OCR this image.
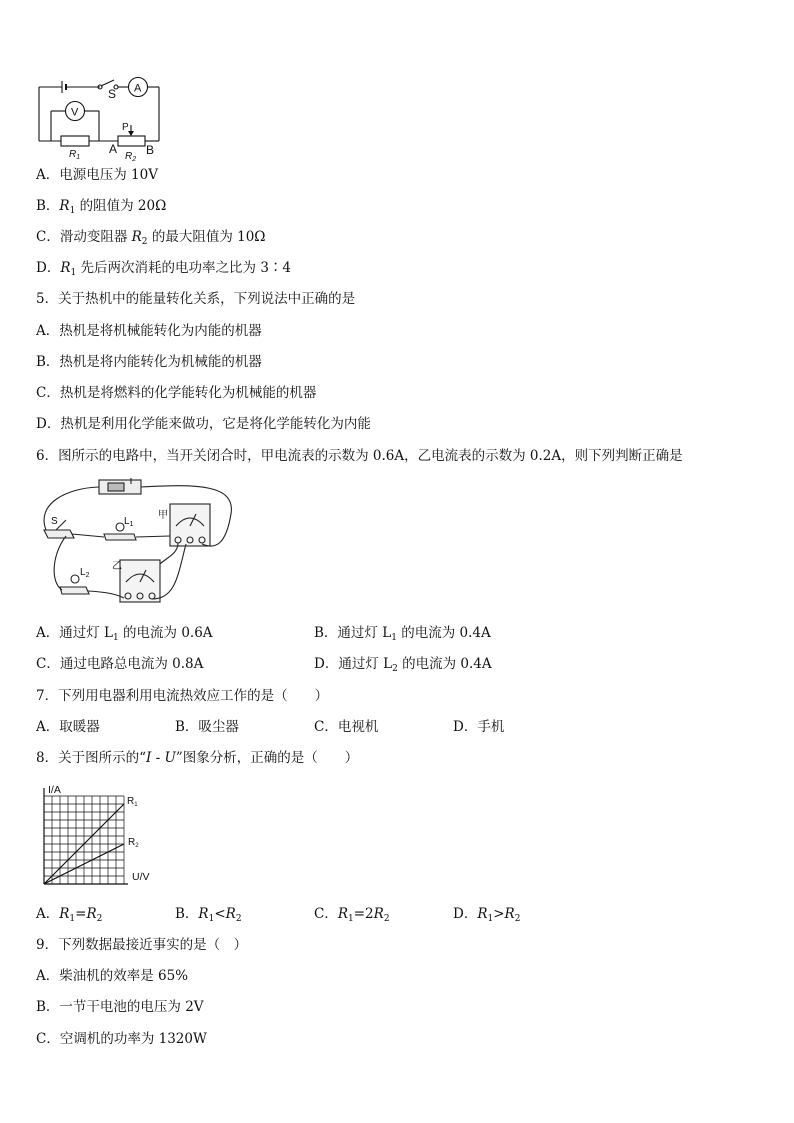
S A
V
$R_1$
P
$R_2$
A B
A．电源电压为 10V
B．$R_1$ 的阻值为 20Ω
C．滑动变阻器 $R_2$ 的最大阻值为 10Ω
D．$R_1$ 先后两次消耗的电功率之比为 3∶4
5．关于热机中的能量转化关系，下列说法中正确的是
A．热机是将机械能转化为内能的机器
B．热机是将内能转化为机械能的机器
C．热机是将燃料的化学能转化为机械能的机器
D．热机是利用化学能来做功，它是将化学能转化为内能
6．图所示的电路中，当开关闭合时，甲电流表的示数为 0.6A，乙电流表的示数为 0.2A，则下列判断正确是
S	$L_1$
甲
$L_2$
乙
A．通过灯 $L_1$ 的电流为 0.6A	B．通过灯 $L_1$ 的电流为 0.4A
C．通过电路总电流为 0.8A	D．通过灯 $L_2$ 的电流为 0.4A
7．下列用电器利用电流热效应工作的是（　　）
A．取暖器	B．吸尘器	C．电视机	D．手机
8．关于图所示的“I - U”图象分析，正确的是（　　）
I/A
U/V
$R_1$
$R_2$
A．$R_1=R_2$	B．$R_1<R_2$	C．$R_1=2R_2$	D．$R_1>R_2$
9．下列数据最接近事实的是（　）
A．柴油机的效率是 65%
B．一节干电池的电压为 2V
C．空调机的功率为 1320W
